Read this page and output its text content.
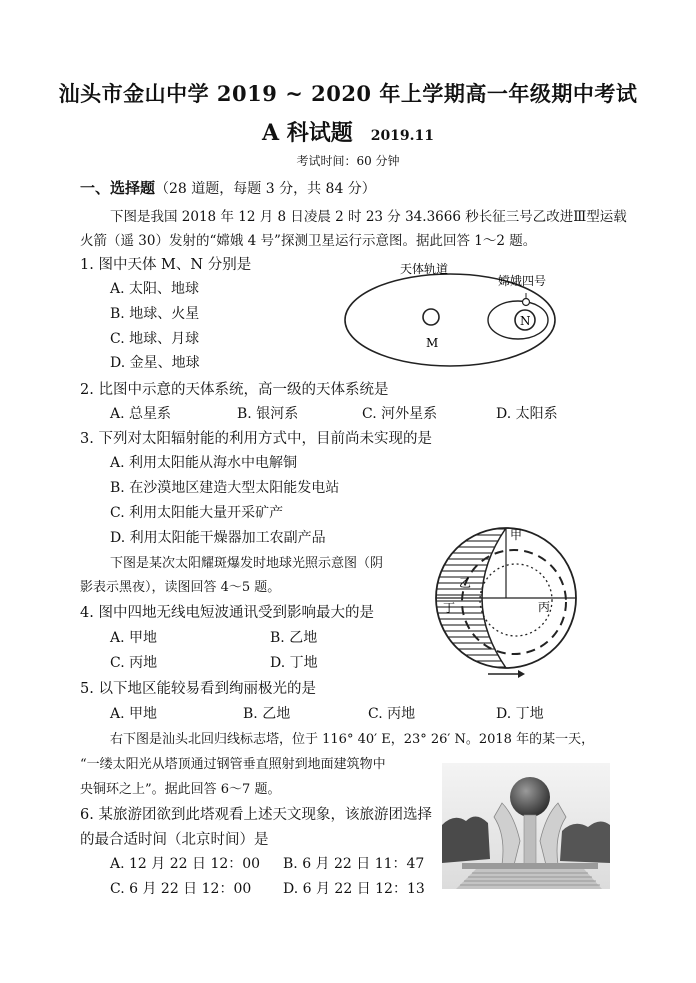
汕头市金山中学 2019 ~ 2020 年上学期高一年级期中考试
A 科试题 2019.11
考试时间：60 分钟
一、选择题（28 道题，每题 3 分，共 84 分）
下图是我国 2018 年 12 月 8 日凌晨 2 时 23 分 34.3666 秒长征三号乙改进Ⅲ型运载
火箭（遥 30）发射的“嫦娥 4 号”探测卫星运行示意图。据此回答 1～2 题。
1. 图中天体 M、N 分别是
A. 太阳、地球
B. 地球、火星
C. 地球、月球
D. 金星、地球
M
N
天体轨道
嫦娥四号
2. 比图中示意的天体系统，高一级的天体系统是
A. 总星系	B. 银河系	C. 河外星系	D. 太阳系
3. 下列对太阳辐射能的利用方式中，目前尚未实现的是
A. 利用太阳能从海水中电解铜
B. 在沙漠地区建造大型太阳能发电站
C. 利用太阳能大量开采矿产
D. 利用太阳能干燥器加工农副产品
下图是某次太阳耀斑爆发时地球光照示意图（阴
影表示黑夜），读图回答 4～5 题。
甲
乙
丙
丁
4. 图中四地无线电短波通讯受到影响最大的是
A. 甲地	B. 乙地
C. 丙地	D. 丁地
5. 以下地区能较易看到绚丽极光的是
A. 甲地	B. 乙地	C. 丙地	D. 丁地
右下图是汕头北回归线标志塔，位于 116° 40′ E，23° 26′ N。2018 年的某一天，
“一缕太阳光从塔顶通过钢管垂直照射到地面建筑物中
央铜环之上”。据此回答 6～7 题。
6. 某旅游团欲到此塔观看上述天文现象，该旅游团选择
的最合适时间（北京时间）是
A. 12 月 22 日 12：00 B. 6 月 22 日 11：47
C. 6 月 22 日 12：00 D. 6 月 22 日 12：13
